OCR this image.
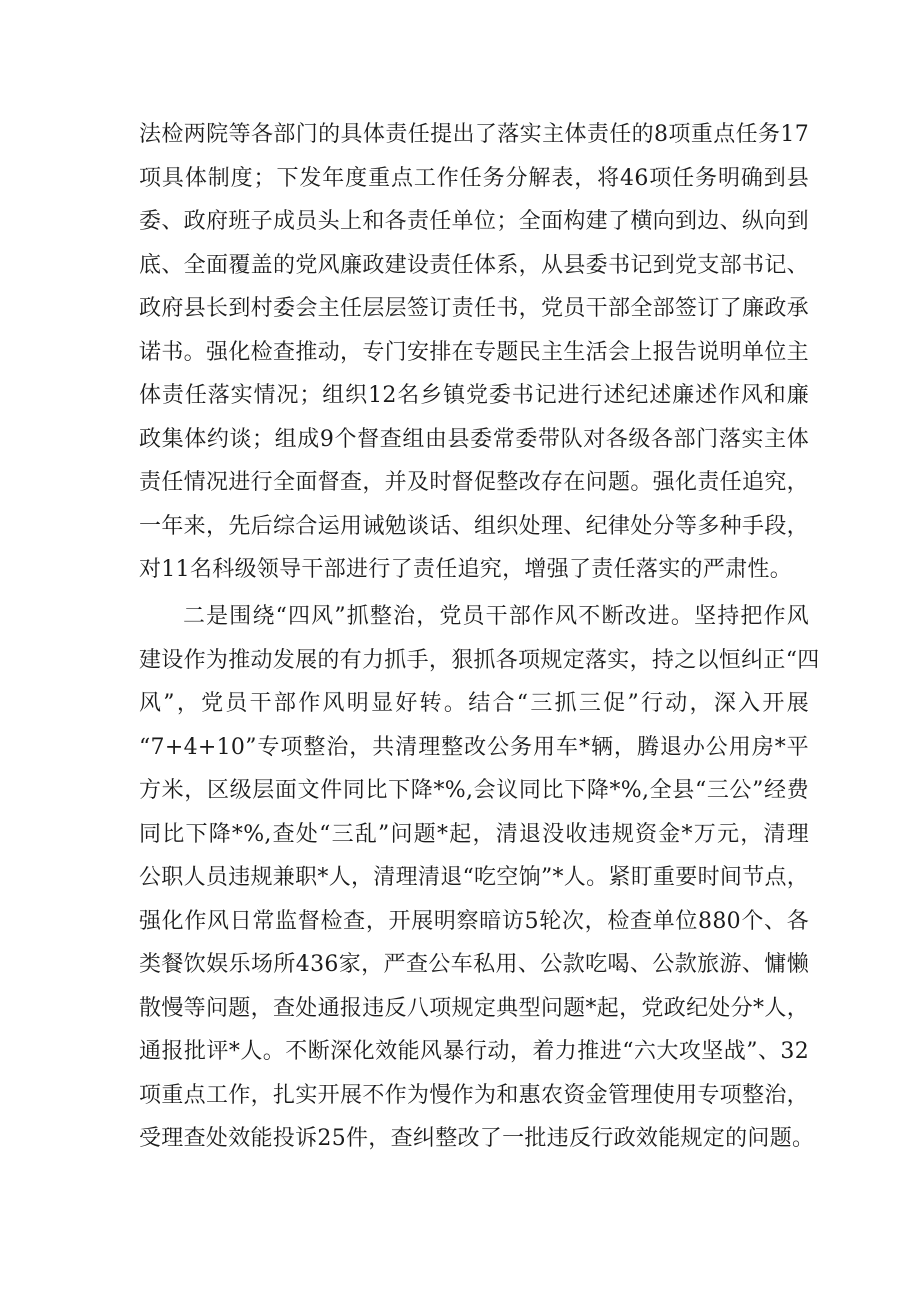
法检两院等各部门的具体责任提出了落实主体责任的8项重点任务17
项具体制度；下发年度重点工作任务分解表，将46项任务明确到县
委、政府班子成员头上和各责任单位；全面构建了横向到边、纵向到
底、全面覆盖的党风廉政建设责任体系，从县委书记到党支部书记、
政府县长到村委会主任层层签订责任书，党员干部全部签订了廉政承
诺书。强化检查推动，专门安排在专题民主生活会上报告说明单位主
体责任落实情况；组织12名乡镇党委书记进行述纪述廉述作风和廉
政集体约谈；组成9个督查组由县委常委带队对各级各部门落实主体
责任情况进行全面督查，并及时督促整改存在问题。强化责任追究，
一年来，先后综合运用诫勉谈话、组织处理、纪律处分等多种手段，
对11名科级领导干部进行了责任追究，增强了责任落实的严肃性。
二是围绕“四风”抓整治，党员干部作风不断改进。坚持把作风
建设作为推动发展的有力抓手，狠抓各项规定落实，持之以恒纠正“四
风”，党员干部作风明显好转。结合“三抓三促”行动，深入开展
“7+4+10”专项整治，共清理整改公务用车*辆，腾退办公用房*平
方米，区级层面文件同比下降*%,会议同比下降*%,全县“三公”经费
同比下降*%,查处“三乱”问题*起，清退没收违规资金*万元，清理
公职人员违规兼职*人，清理清退“吃空饷”*人。紧盯重要时间节点，
强化作风日常监督检查，开展明察暗访5轮次，检查单位880个、各
类餐饮娱乐场所436家，严查公车私用、公款吃喝、公款旅游、慵懒
散慢等问题，查处通报违反八项规定典型问题*起，党政纪处分*人，
通报批评*人。不断深化效能风暴行动，着力推进“六大攻坚战”、32
项重点工作，扎实开展不作为慢作为和惠农资金管理使用专项整治，
受理查处效能投诉25件，查纠整改了一批违反行政效能规定的问题。
